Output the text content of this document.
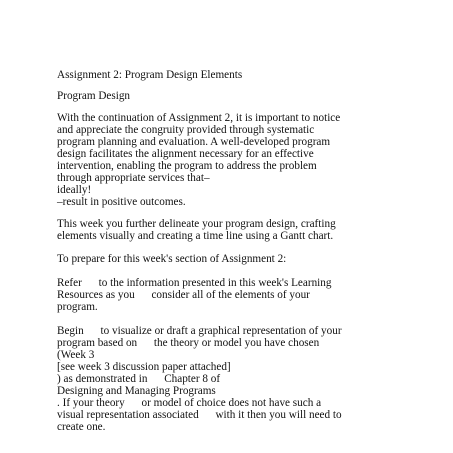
Assignment 2: Program Design Elements

Program Design

With the continuation of Assignment 2, it is important to notice

and appreciate the congruity provided through systematic

program planning and evaluation. A well-developed program

design facilitates the alignment necessary for an effective

intervention, enabling the program to address the problem

through appropriate services that–

ideally!

–result in positive outcomes.

This week you further delineate your program design, crafting

elements visually and creating a time line using a Gantt chart.

To prepare for this week's section of Assignment 2:

Refer      to the information presented in this week's Learning

Resources as you      consider all of the elements of your

program.

Begin      to visualize or draft a graphical representation of your

program based on      the theory or model you have chosen

(Week 3

[see week 3 discussion paper attached]

) as demonstrated in      Chapter 8 of

Designing and Managing Programs

. If your theory      or model of choice does not have such a

visual representation associated      with it then you will need to

create one.
